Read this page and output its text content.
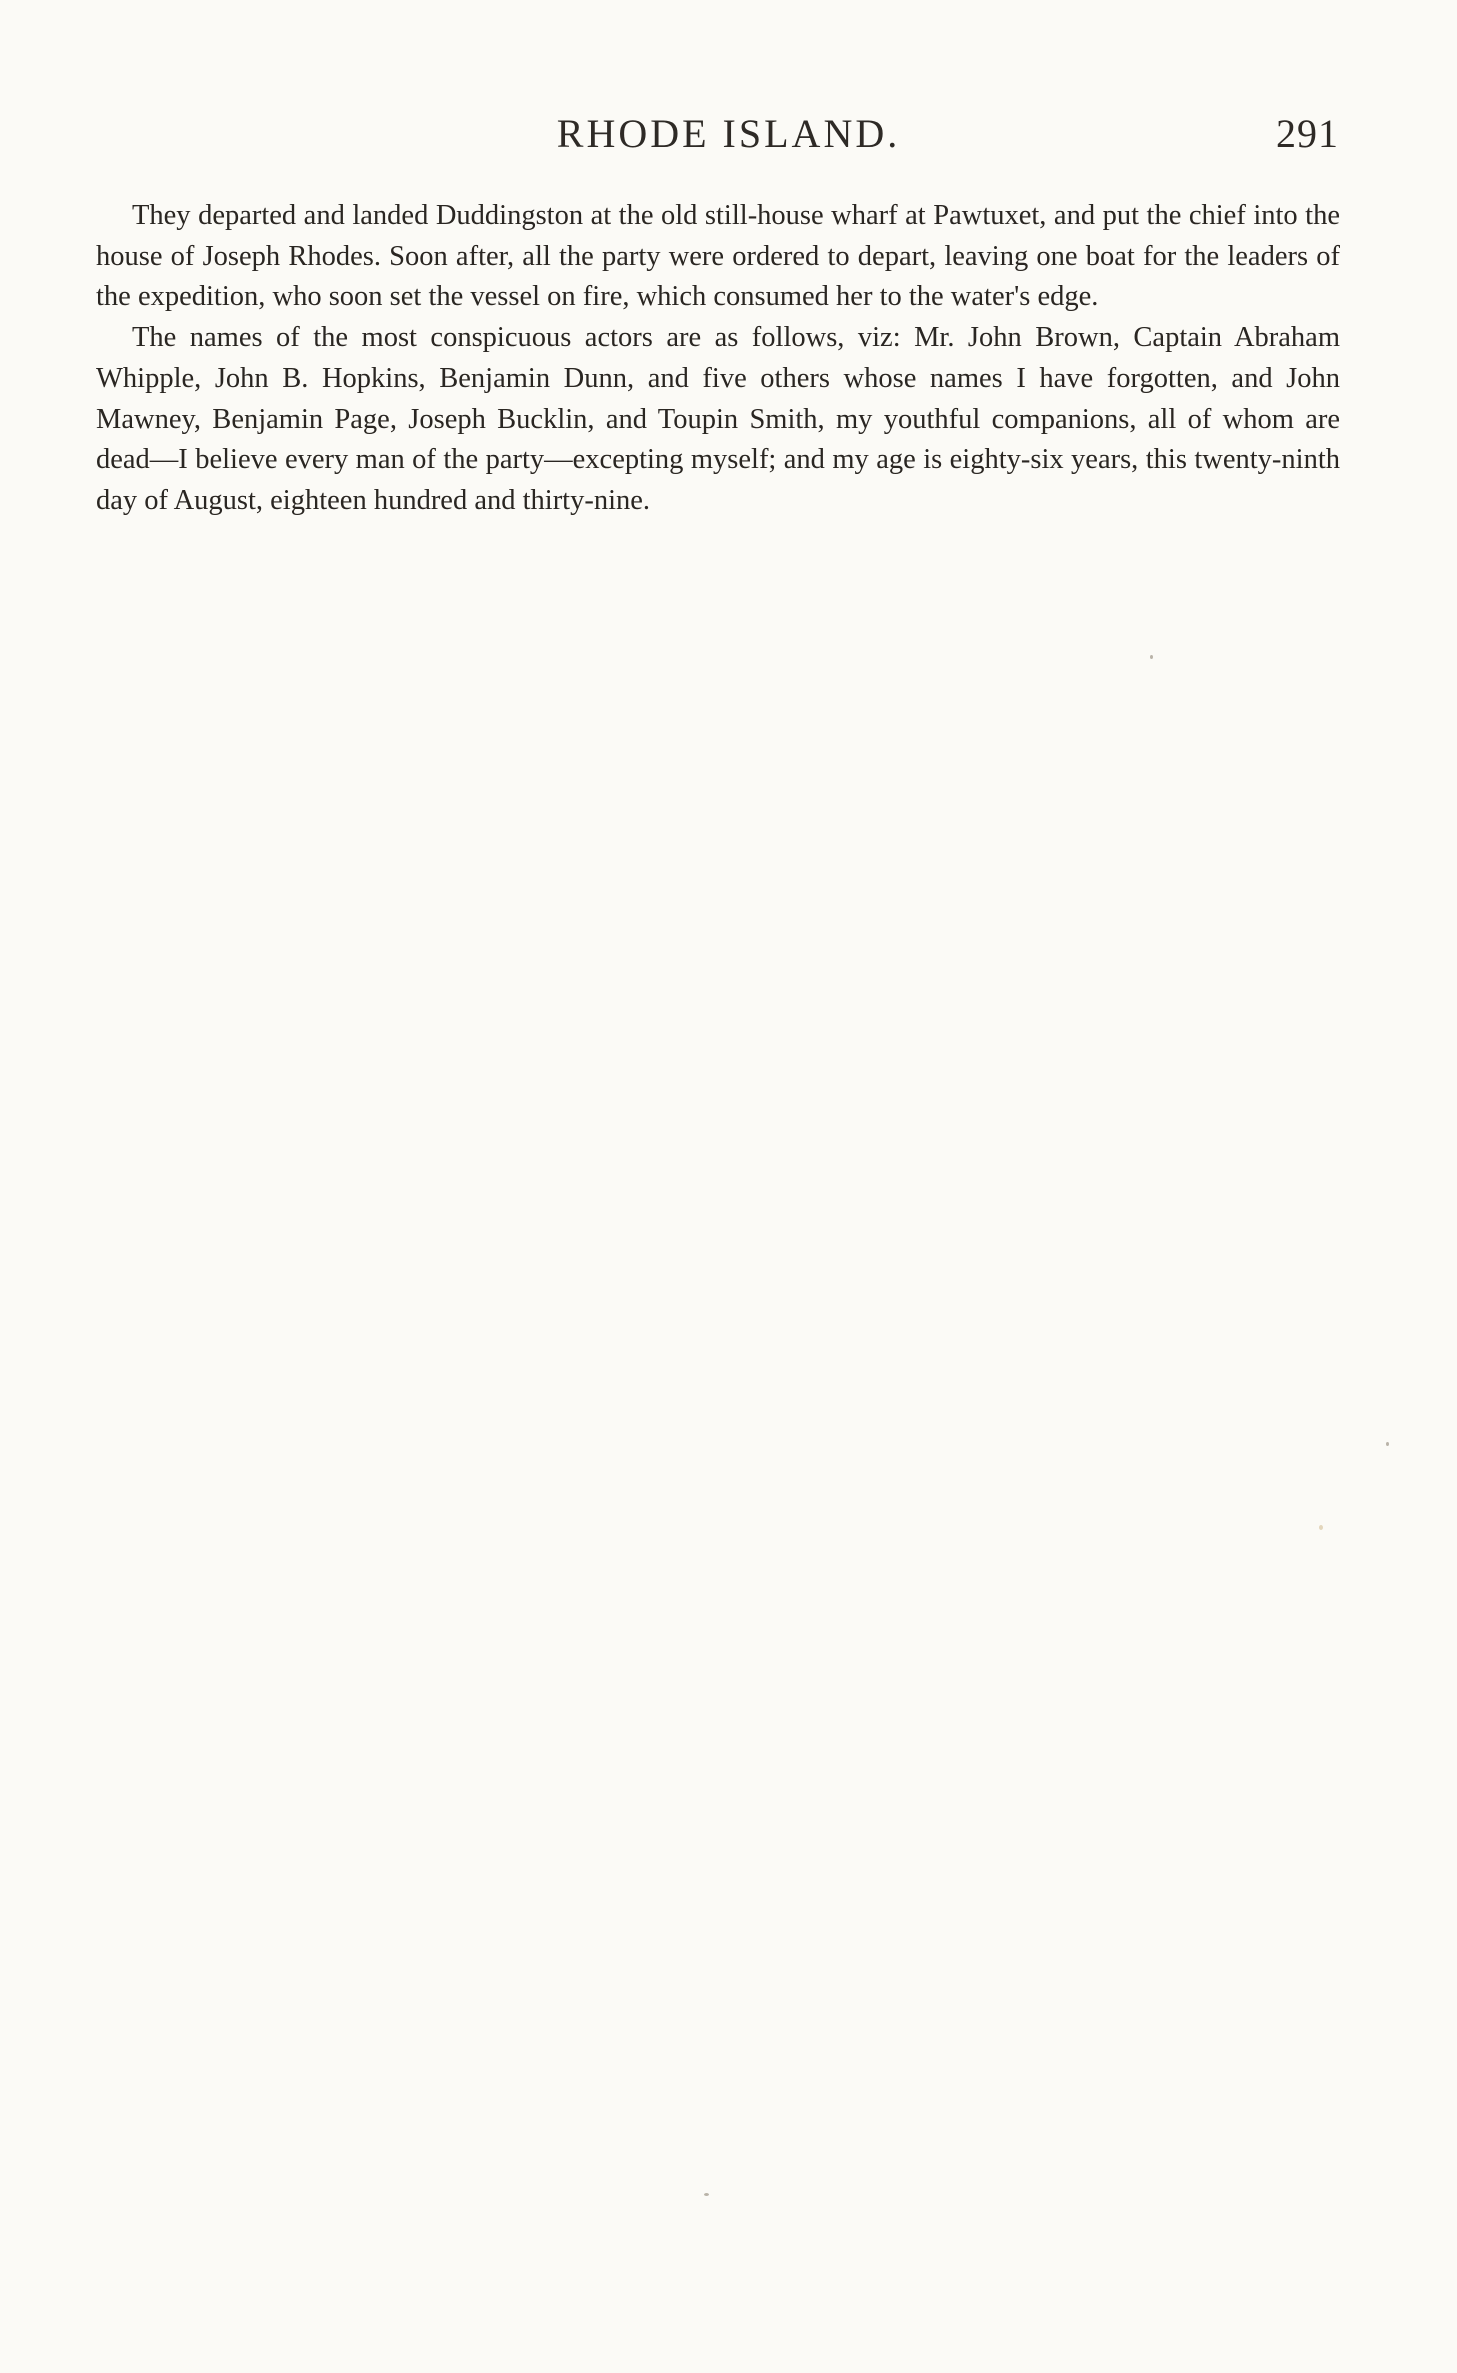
RHODE ISLAND.	291

They departed and landed Duddingston at the old still-house wharf at Pawtuxet, and put the chief into the house of Joseph Rhodes. Soon after, all the party were ordered to depart, leaving one boat for the leaders of the expedition, who soon set the vessel on fire, which consumed her to the water's edge.

The names of the most conspicuous actors are as follows, viz: Mr. John Brown, Captain Abraham Whipple, John B. Hopkins, Benjamin Dunn, and five others whose names I have forgotten, and John Mawney, Benjamin Page, Joseph Bucklin, and Toupin Smith, my youthful companions, all of whom are dead—I believe every man of the party—excepting myself; and my age is eighty-six years, this twenty-ninth day of August, eighteen hundred and thirty-nine.
